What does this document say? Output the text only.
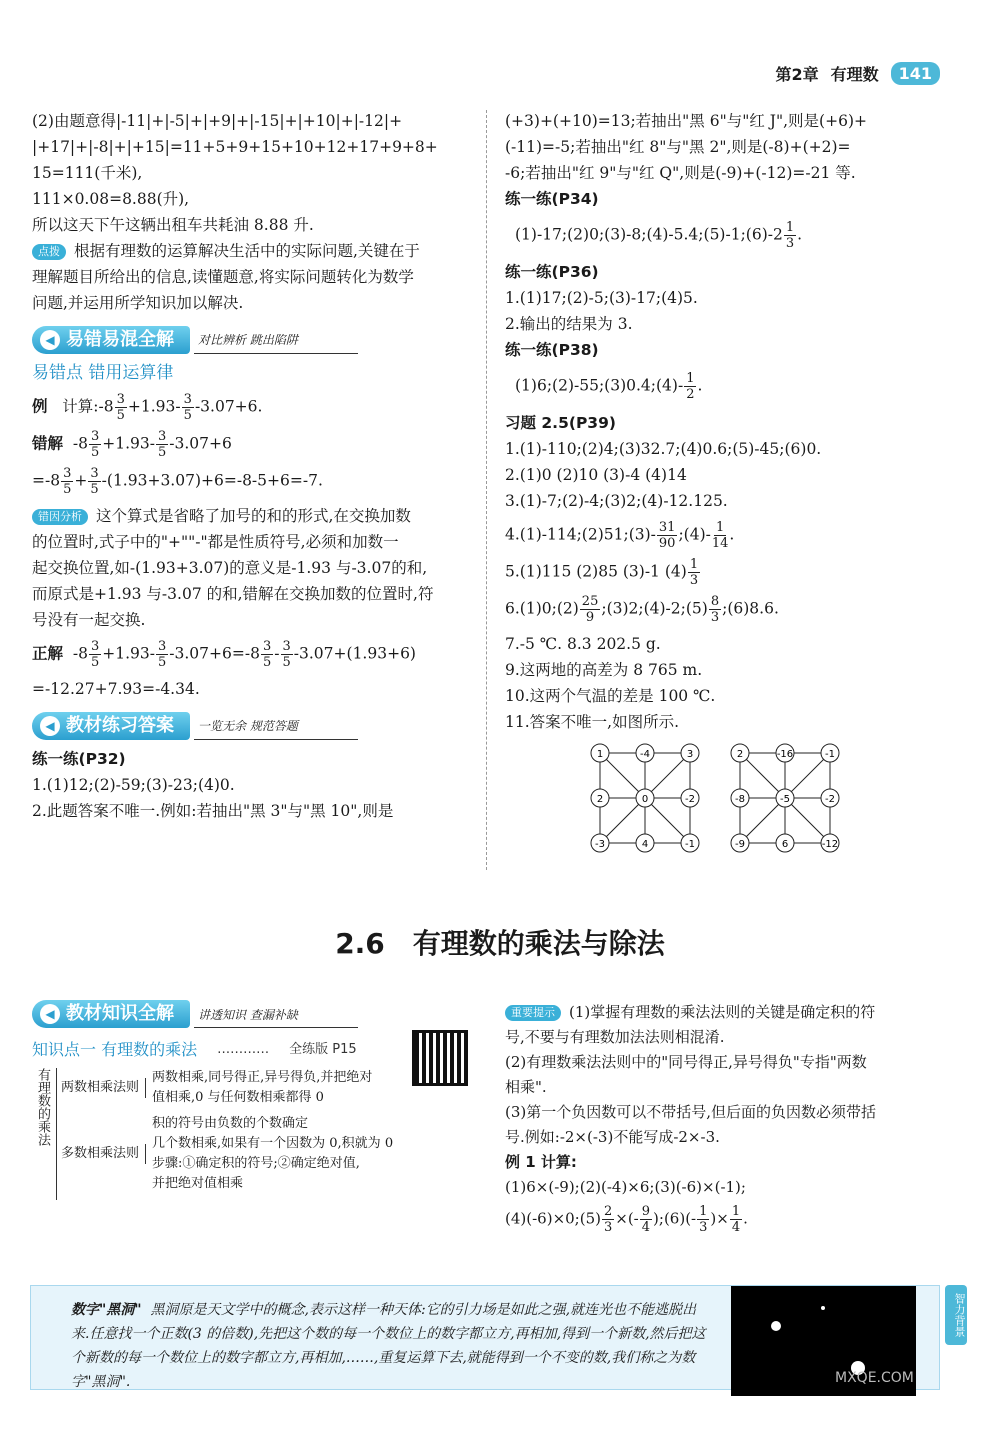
第2章 有理数	141
(2)由题意得|-11|+|-5|+|+9|+|-15|+|+10|+|-12|+
|+17|+|-8|+|+15|=11+5+9+15+10+12+17+9+8+
15=111(千米),
111×0.08=8.88(升),
所以这天下午这辆出租车共耗油 8.88 升.
点拨 根据有理数的运算解决生活中的实际问题,关键在于
理解题目所给出的信息,读懂题意,将实际问题转化为数学
问题,并运用所学知识加以解决.
◀ 易错易混全解	对比辨析 跳出陷阱
易错点 错用运算律
例 计算:-8 $\frac{3}{5} +1.93- \frac{3}{5} -3.07+6$.
错解  $-8 \frac{3}{5} +1.93- \frac{3}{5} -3.07+6$
$=-8 \frac{3}{5} + \frac{3}{5} -(1.93+3.07)+6=-8-5+6=-7$.
错因分析 这个算式是省略了加号的和的形式,在交换加数
的位置时,式子中的"+""-"都是性质符号,必须和加数一
起交换位置,如-(1.93+3.07)的意义是-1.93 与-3.07的和,
而原式是+1.93 与-3.07 的和,错解在交换加数的位置时,符
号没有一起交换.
正解  $-8 \frac{3}{5} +1.93- \frac{3}{5} -3.07+6=-8 \frac{3}{5} - \frac{3}{5} -3.07+(1.93+6)$
=-12.27+7.93=-4.34.
◀ 教材练习答案	一览无余 规范答题
练一练(P32)
1.(1)12;(2)-59;(3)-23;(4)0.
2.此题答案不唯一.例如:若抽出"黑 3"与"黑 10",则是
(+3)+(+10)=13;若抽出"黑 6"与"红 J",则是(+6)+
(-11)=-5;若抽出"红 8"与"黑 2",则是(-8)+(+2)=
-6;若抽出"红 9"与"红 Q",则是(-9)+(-12)=-21 等.
练一练(P34)
(1)-17;(2)0;(3)-8;(4)-5.4;(5)-1;(6)-2 $\frac{1}{3}$ .
练一练(P36)
1.(1)17;(2)-5;(3)-17;(4)5.
2.输出的结果为 3.
练一练(P38)
(1)6;(2)-55;(3)0.4;(4)- $\frac{1}{2}$ .
习题 2.5(P39)
1.(1)-110;(2)4;(3)32.7;(4)0.6;(5)-45;(6)0.
2.(1)0 (2)10 (3)-4 (4)14
3.(1)-7;(2)-4;(3)2;(4)-12.125.
4.(1)-114;(2)51;(3)- $\frac{31}{90}$ ;(4)- $\frac{1}{14}$ .
5.(1)115 (2)85 (3)-1 $(4) \frac{1}{3}$
6.(1)0;(2) $\frac{25}{9}$ ;(3)2;(4)-2;(5) $\frac{8}{3}$ ;(6)8.6.
7.-5 ℃. 8.3 202.5 g.
9.这两地的高差为 8 765 m.
10.这两个气温的差是 100 ℃.
11.答案不唯一,如图所示.
1	-4	3
2	0	-2
-3	4	-1
2	-16	-1
-8	-5	-2
-9	6	-12
2.6 有理数的乘法与除法
◀ 教材知识全解	讲透知识 查漏补缺
知识点一 有理数的乘法 ………… 全练版 P15
有理数的乘法 两数相乘法则
两数相乘,同号得正,异号得负,并把绝对
值相乘,0 与任何数相乘都得 0
多数相乘法则
积的符号由负数的个数确定
几个数相乘,如果有一个因数为 0,积就为 0
步骤:①确定积的符号;②确定绝对值,
并把绝对值相乘
重要提示 (1)掌握有理数的乘法法则的关键是确定积的符
号,不要与有理数加法法则相混淆.
(2)有理数乘法法则中的"同号得正,异号得负"专指"两数
相乘".
(3)第一个负因数可以不带括号,但后面的负因数必须带括
号.例如:-2×(-3)不能写成-2×-3.
例 1 计算:
(1)6×(-9);(2)(-4)×6;(3)(-6)×(-1);
(4)(-6)×0;(5) $\frac{2}{3}$ ×(- $\frac{9}{4}$ );(6)(- $\frac{1}{3}$ )× $\frac{1}{4}$ .
数字"黑洞" 黑洞原是天文学中的概念,表示这样一种天体:它的引力场是如此之强,就连光也不能逃脱出来.任意找一个正数(3 的倍数),先把这个数的每一个数位上的数字都立方,再相加,得到一个新数,然后把这个新数的每一个数位上的数字都立方,再相加,……,重复运算下去,就能得到一个不变的数,我们称之为数字"黑洞".
智力背景
MXQE.COM
